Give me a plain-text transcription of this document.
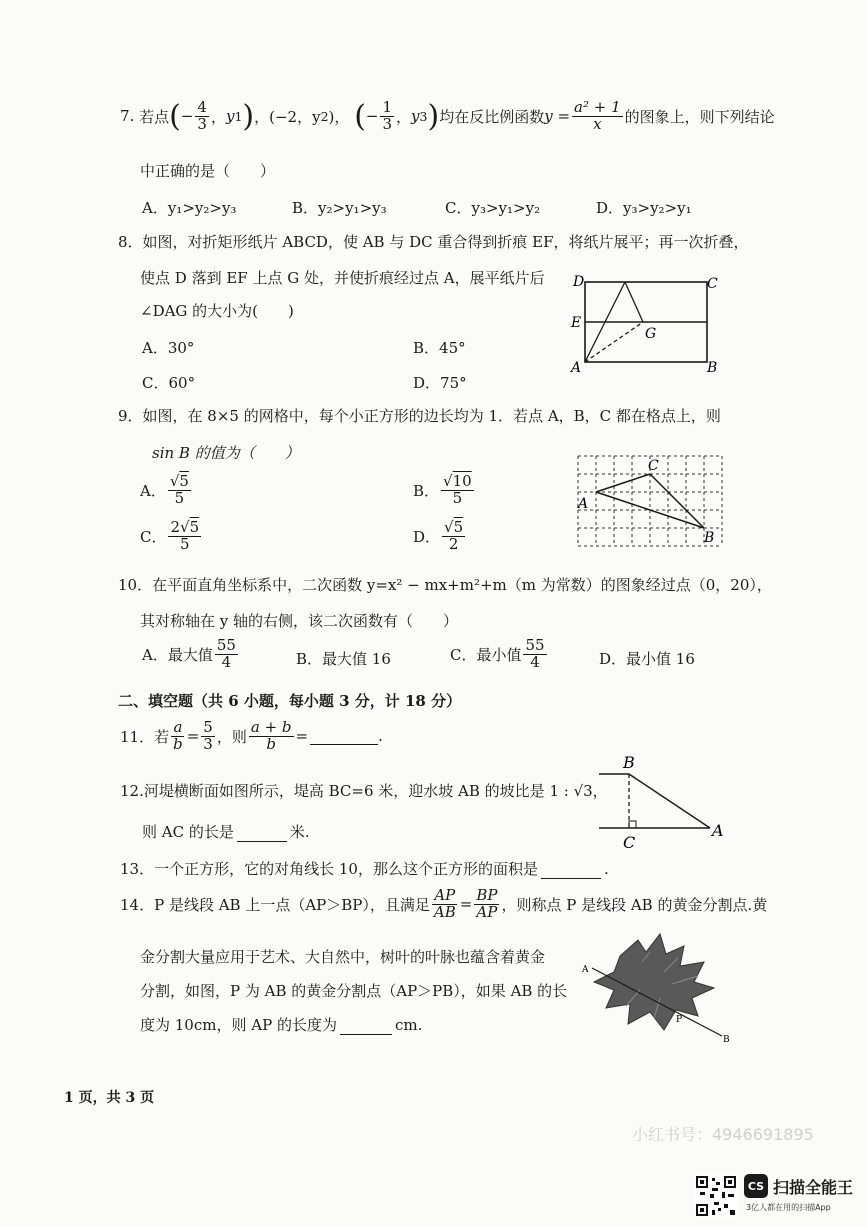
7.
若点 ( − $\frac{4}{3}$ ， y 1 ) ， (−2，y 2 )，
( − $\frac{1}{3}$ ， y 3 ) 均在反比例函数 $y = \frac{\text{a² + 1}}{x}$ 的图象上，则下列结论
中正确的是（　　）
A．y₁>y₂>y₃	B．y₂>y₁>y₃	C．y₃>y₁>y₂	D．y₃>y₂>y₁
8．如图，对折矩形纸片 ABCD，使 AB 与 DC 重合得到折痕 EF，将纸片展平；再一次折叠，
使点 D 落到 EF 上点 G 处，并使折痕经过点 A，展平纸片后
∠DAG 的大小为(　　)
A．30°	B．45°
C．60°	D．75°
D	C
E
G
A	B
9．如图，在 8×5 的网格中，每个小正方形的边长均为 1．若点 A，B，C 都在格点上，则
sin B 的值为（　　）
A． $\frac{√5}{5}$	B． $\frac{√10}{5}$
C． $\frac{2√5}{5}$	D． $\frac{√5}{2}$
A
B
C
10．在平面直角坐标系中，二次函数 y=x² − mx+m²+m（m 为常数）的图象经过点（0，20），
其对称轴在 y 轴的右侧，该二次函数有（　　）
A．最大值 $\frac{55}{4}$	B．最大值 16	C．最小值 $\frac{55}{4}$	D．最小值 16
二、填空题（共 6 小题，每小题 3 分，计 18 分）
11． 若 $\frac{a}{b} = \frac{5}{3}$ ，则 $\frac{a + b}{b}$ =	.
12.河堤横断面如图所示，堤高 BC=6 米，迎水坡 AB 的坡比是 1 : √3，
则 AC 的长是	米.
B
C
A
13．一个正方形，它的对角线长 10，那么这个正方形的面积是	.
14．P 是线段 AB 上一点（AP＞BP），且满足 $\frac{AP}{AB} = \frac{BP}{AP}$ ，则称点 P 是线段 AB 的黄金分割点.黄
金分割大量应用于艺术、大自然中，树叶的叶脉也蕴含着黄金
分割，如图，P 为 AB 的黄金分割点（AP＞PB），如果 AB 的长
度为 10cm，则 AP 的长度为	cm.
A
P
B
1 页，共 3 页
小红书号：4946691895
CS 扫描全能王
3亿人都在用的扫描App
